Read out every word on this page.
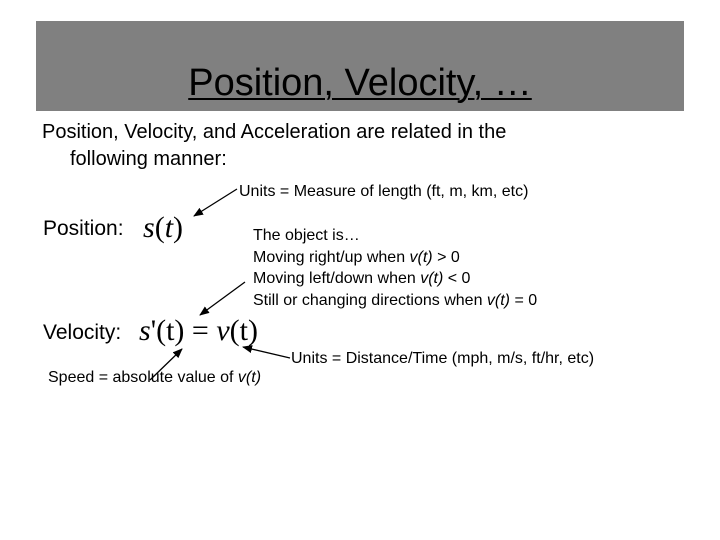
Position, Velocity, …
Position, Velocity, and Acceleration are related in the
following manner:
Units = Measure of length (ft, m, km, etc)
Position: s(t)	The object is…
Moving right/up when v(t) > 0
Moving left/down when v(t) < 0
Still or changing directions when v(t) = 0
Velocity: s'(t) = v(t)
Units = Distance/Time (mph, m/s, ft/hr, etc)
Speed = absolute value of v(t)
